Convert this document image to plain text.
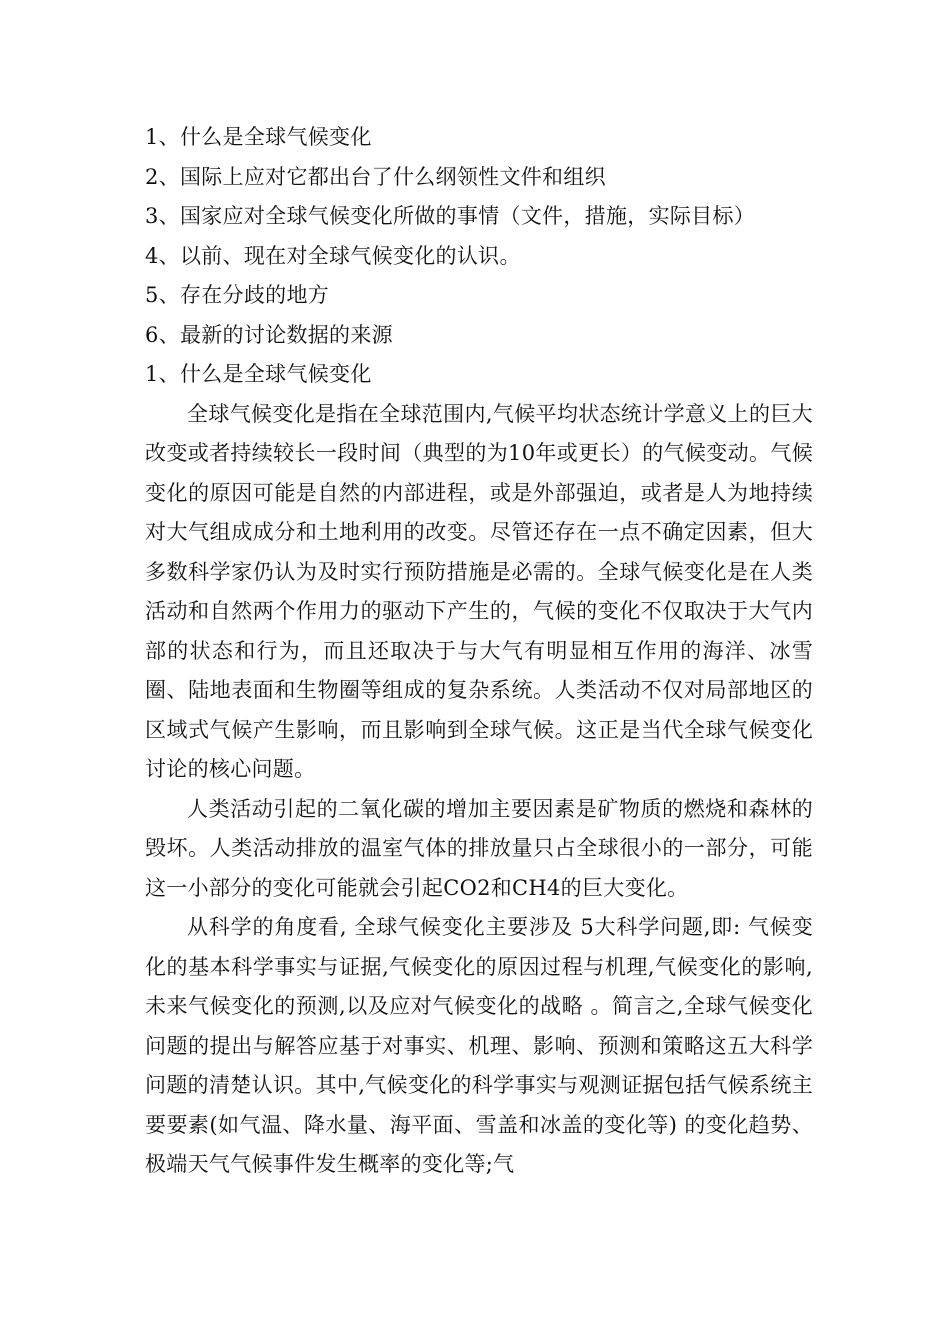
1、什么是全球气候变化
2、国际上应对它都出台了什么纲领性文件和组织
3、国家应对全球气候变化所做的事情（文件，措施，实际目标）
4、以前、现在对全球气候变化的认识。
5、存在分歧的地方
6、最新的讨论数据的来源
1、什么是全球气候变化

全球气候变化是指在全球范围内,气候平均状态统计学意义上的巨大改变或者持续较长一段时间（典型的为10年或更长）的气候变动。气候变化的原因可能是自然的内部进程，或是外部强迫，或者是人为地持续对大气组成成分和土地利用的改变。尽管还存在一点不确定因素，但大多数科学家仍认为及时实行预防措施是必需的。全球气候变化是在人类活动和自然两个作用力的驱动下产生的，气候的变化不仅取决于大气内部的状态和行为，而且还取决于与大气有明显相互作用的海洋、冰雪圈、陆地表面和生物圈等组成的复杂系统。人类活动不仅对局部地区的区域式气候产生影响，而且影响到全球气候。这正是当代全球气候变化讨论的核心问题。

人类活动引起的二氧化碳的增加主要因素是矿物质的燃烧和森林的毁坏。人类活动排放的温室气体的排放量只占全球很小的一部分，可能这一小部分的变化可能就会引起CO2和CH4的巨大变化。

从科学的角度看, 全球气候变化主要涉及 5大科学问题,即: 气候变化的基本科学事实与证据,气候变化的原因过程与机理,气候变化的影响,未来气候变化的预测,以及应对气候变化的战略 。简言之,全球气候变化问题的提出与解答应基于对事实、机理、影响、预测和策略这五大科学问题的清楚认识。其中,气候变化的科学事实与观测证据包括气候系统主要要素(如气温、降水量、海平面、雪盖和冰盖的变化等) 的变化趋势、极端天气气候事件发生概率的变化等;气
